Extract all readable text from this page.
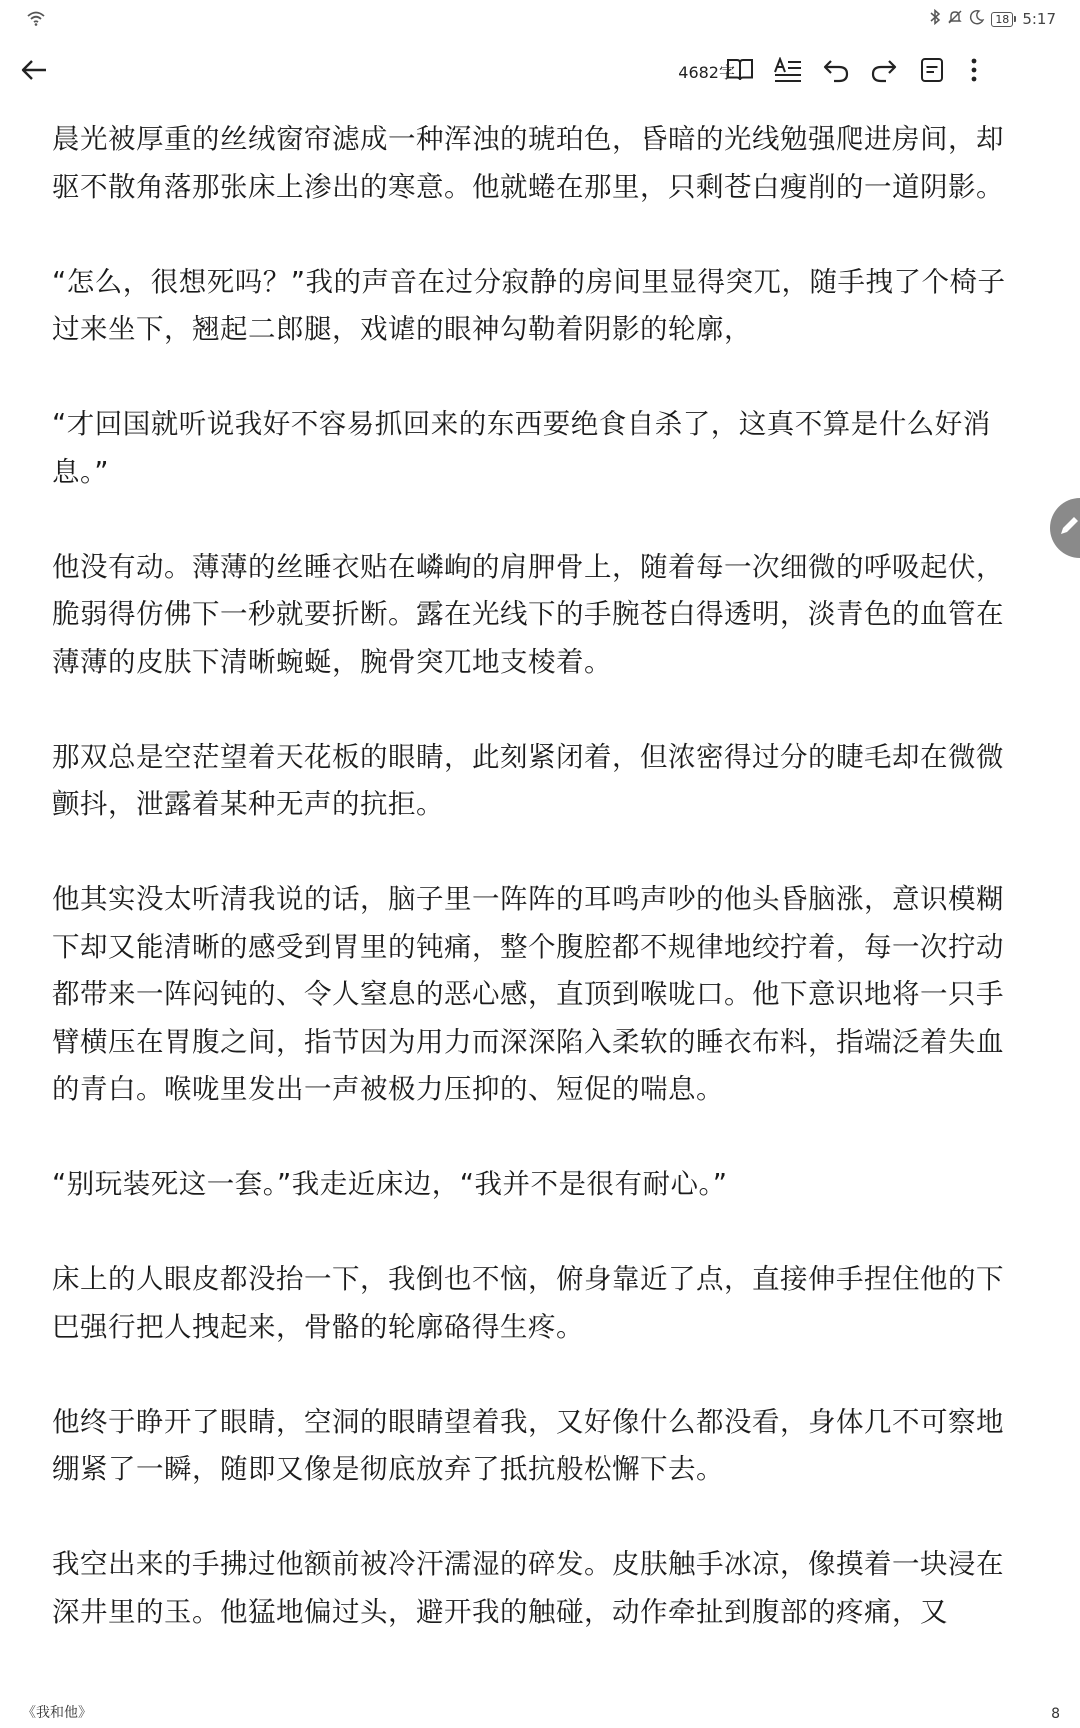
18 5:17
4682字

晨光被厚重的丝绒窗帘滤成一种浑浊的琥珀色，昏暗的光线勉强爬进房间，却驱不散角落那张床上渗出的寒意。他就蜷在那里，只剩苍白瘦削的一道阴影。

“怎么，很想死吗？”我的声音在过分寂静的房间里显得突兀，随手拽了个椅子过来坐下，翘起二郎腿，戏谑的眼神勾勒着阴影的轮廓，

“才回国就听说我好不容易抓回来的东西要绝食自杀了，这真不算是什么好消息。”

他没有动。薄薄的丝睡衣贴在嶙峋的肩胛骨上，随着每一次细微的呼吸起伏，脆弱得仿佛下一秒就要折断。露在光线下的手腕苍白得透明，淡青色的血管在薄薄的皮肤下清晰蜿蜒，腕骨突兀地支棱着。

那双总是空茫望着天花板的眼睛，此刻紧闭着，但浓密得过分的睫毛却在微微颤抖，泄露着某种无声的抗拒。

他其实没太听清我说的话，脑子里一阵阵的耳鸣声吵的他头昏脑涨，意识模糊下却又能清晰的感受到胃里的钝痛，整个腹腔都不规律地绞拧着，每一次拧动都带来一阵闷钝的、令人窒息的恶心感，直顶到喉咙口。他下意识地将一只手臂横压在胃腹之间，指节因为用力而深深陷入柔软的睡衣布料，指端泛着失血的青白。喉咙里发出一声被极力压抑的、短促的喘息。

“别玩装死这一套。”我走近床边，“我并不是很有耐心。”

床上的人眼皮都没抬一下，我倒也不恼，俯身靠近了点，直接伸手捏住他的下巴强行把人拽起来，骨骼的轮廓硌得生疼。

他终于睁开了眼睛，空洞的眼睛望着我，又好像什么都没看，身体几不可察地绷紧了一瞬，随即又像是彻底放弃了抵抗般松懈下去。

我空出来的手拂过他额前被冷汗濡湿的碎发。皮肤触手冰凉，像摸着一块浸在深井里的玉。他猛地偏过头，避开我的触碰，动作牵扯到腹部的疼痛，又

《我和他》	8
